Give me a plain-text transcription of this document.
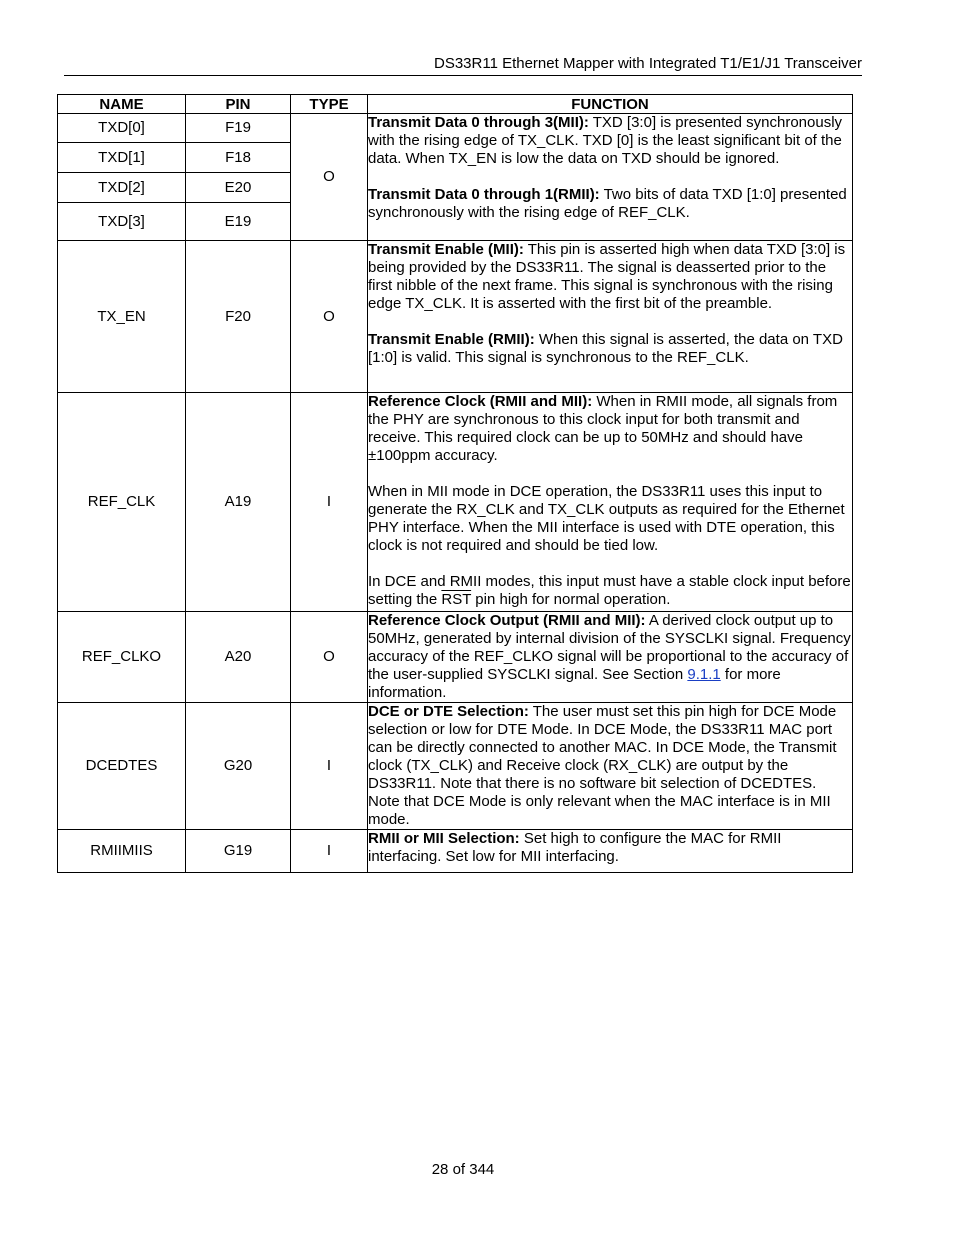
DS33R11 Ethernet Mapper with Integrated T1/E1/J1 Transceiver
NAME	PIN	TYPE	FUNCTION
TXD[0]	F19	O	Transmit Data 0 through 3(MII): TXD [3:0] is presented synchronously with the rising edge of TX_CLK. TXD [0] is the least significant bit of the data. When TX_EN is low the data on TXD should be ignored.

Transmit Data 0 through 1(RMII): Two bits of data TXD [1:0] presented synchronously with the rising edge of REF_CLK.

TXD[1]	F18		
TXD[2]	E20		
TXD[3]	E19		
TX_EN	F20	O	Transmit Enable (MII): This pin is asserted high when data TXD [3:0] is being provided by the DS33R11. The signal is deasserted prior to the first nibble of the next frame. This signal is synchronous with the rising edge TX_CLK. It is asserted with the first bit of the preamble.

Transmit Enable (RMII): When this signal is asserted, the data on TXD [1:0] is valid. This signal is synchronous to the REF_CLK.

REF_CLK	A19	I	Reference Clock (RMII and MII): When in RMII mode, all signals from the PHY are synchronous to this clock input for both transmit and receive. This required clock can be up to 50MHz and should have ±100ppm accuracy.

When in MII mode in DCE operation, the DS33R11 uses this input to generate the RX_CLK and TX_CLK outputs as required for the Ethernet PHY interface. When the MII interface is used with DTE operation, this clock is not required and should be tied low.

In DCE and RMII modes, this input must have a stable clock input before setting the $\overline{RST}$ pin high for normal operation.

REF_CLKO	A20	O	Reference Clock Output (RMII and MII): A derived clock output up to 50MHz, generated by internal division of the SYSCLKI signal. Frequency accuracy of the REF_CLKO signal will be proportional to the accuracy of the user-supplied SYSCLKI signal. See Section 9.1.1 for more information.

DCEDTES	G20	I	DCE or DTE Selection: The user must set this pin high for DCE Mode selection or low for DTE Mode. In DCE Mode, the DS33R11 MAC port can be directly connected to another MAC. In DCE Mode, the Transmit clock (TX_CLK) and Receive clock (RX_CLK) are output by the DS33R11. Note that there is no software bit selection of DCEDTES. Note that DCE Mode is only relevant when the MAC interface is in MII mode.

RMIIMIIS	G19	I	RMII or MII Selection: Set high to configure the MAC for RMII interfacing. Set low for MII interfacing.

28 of 344
